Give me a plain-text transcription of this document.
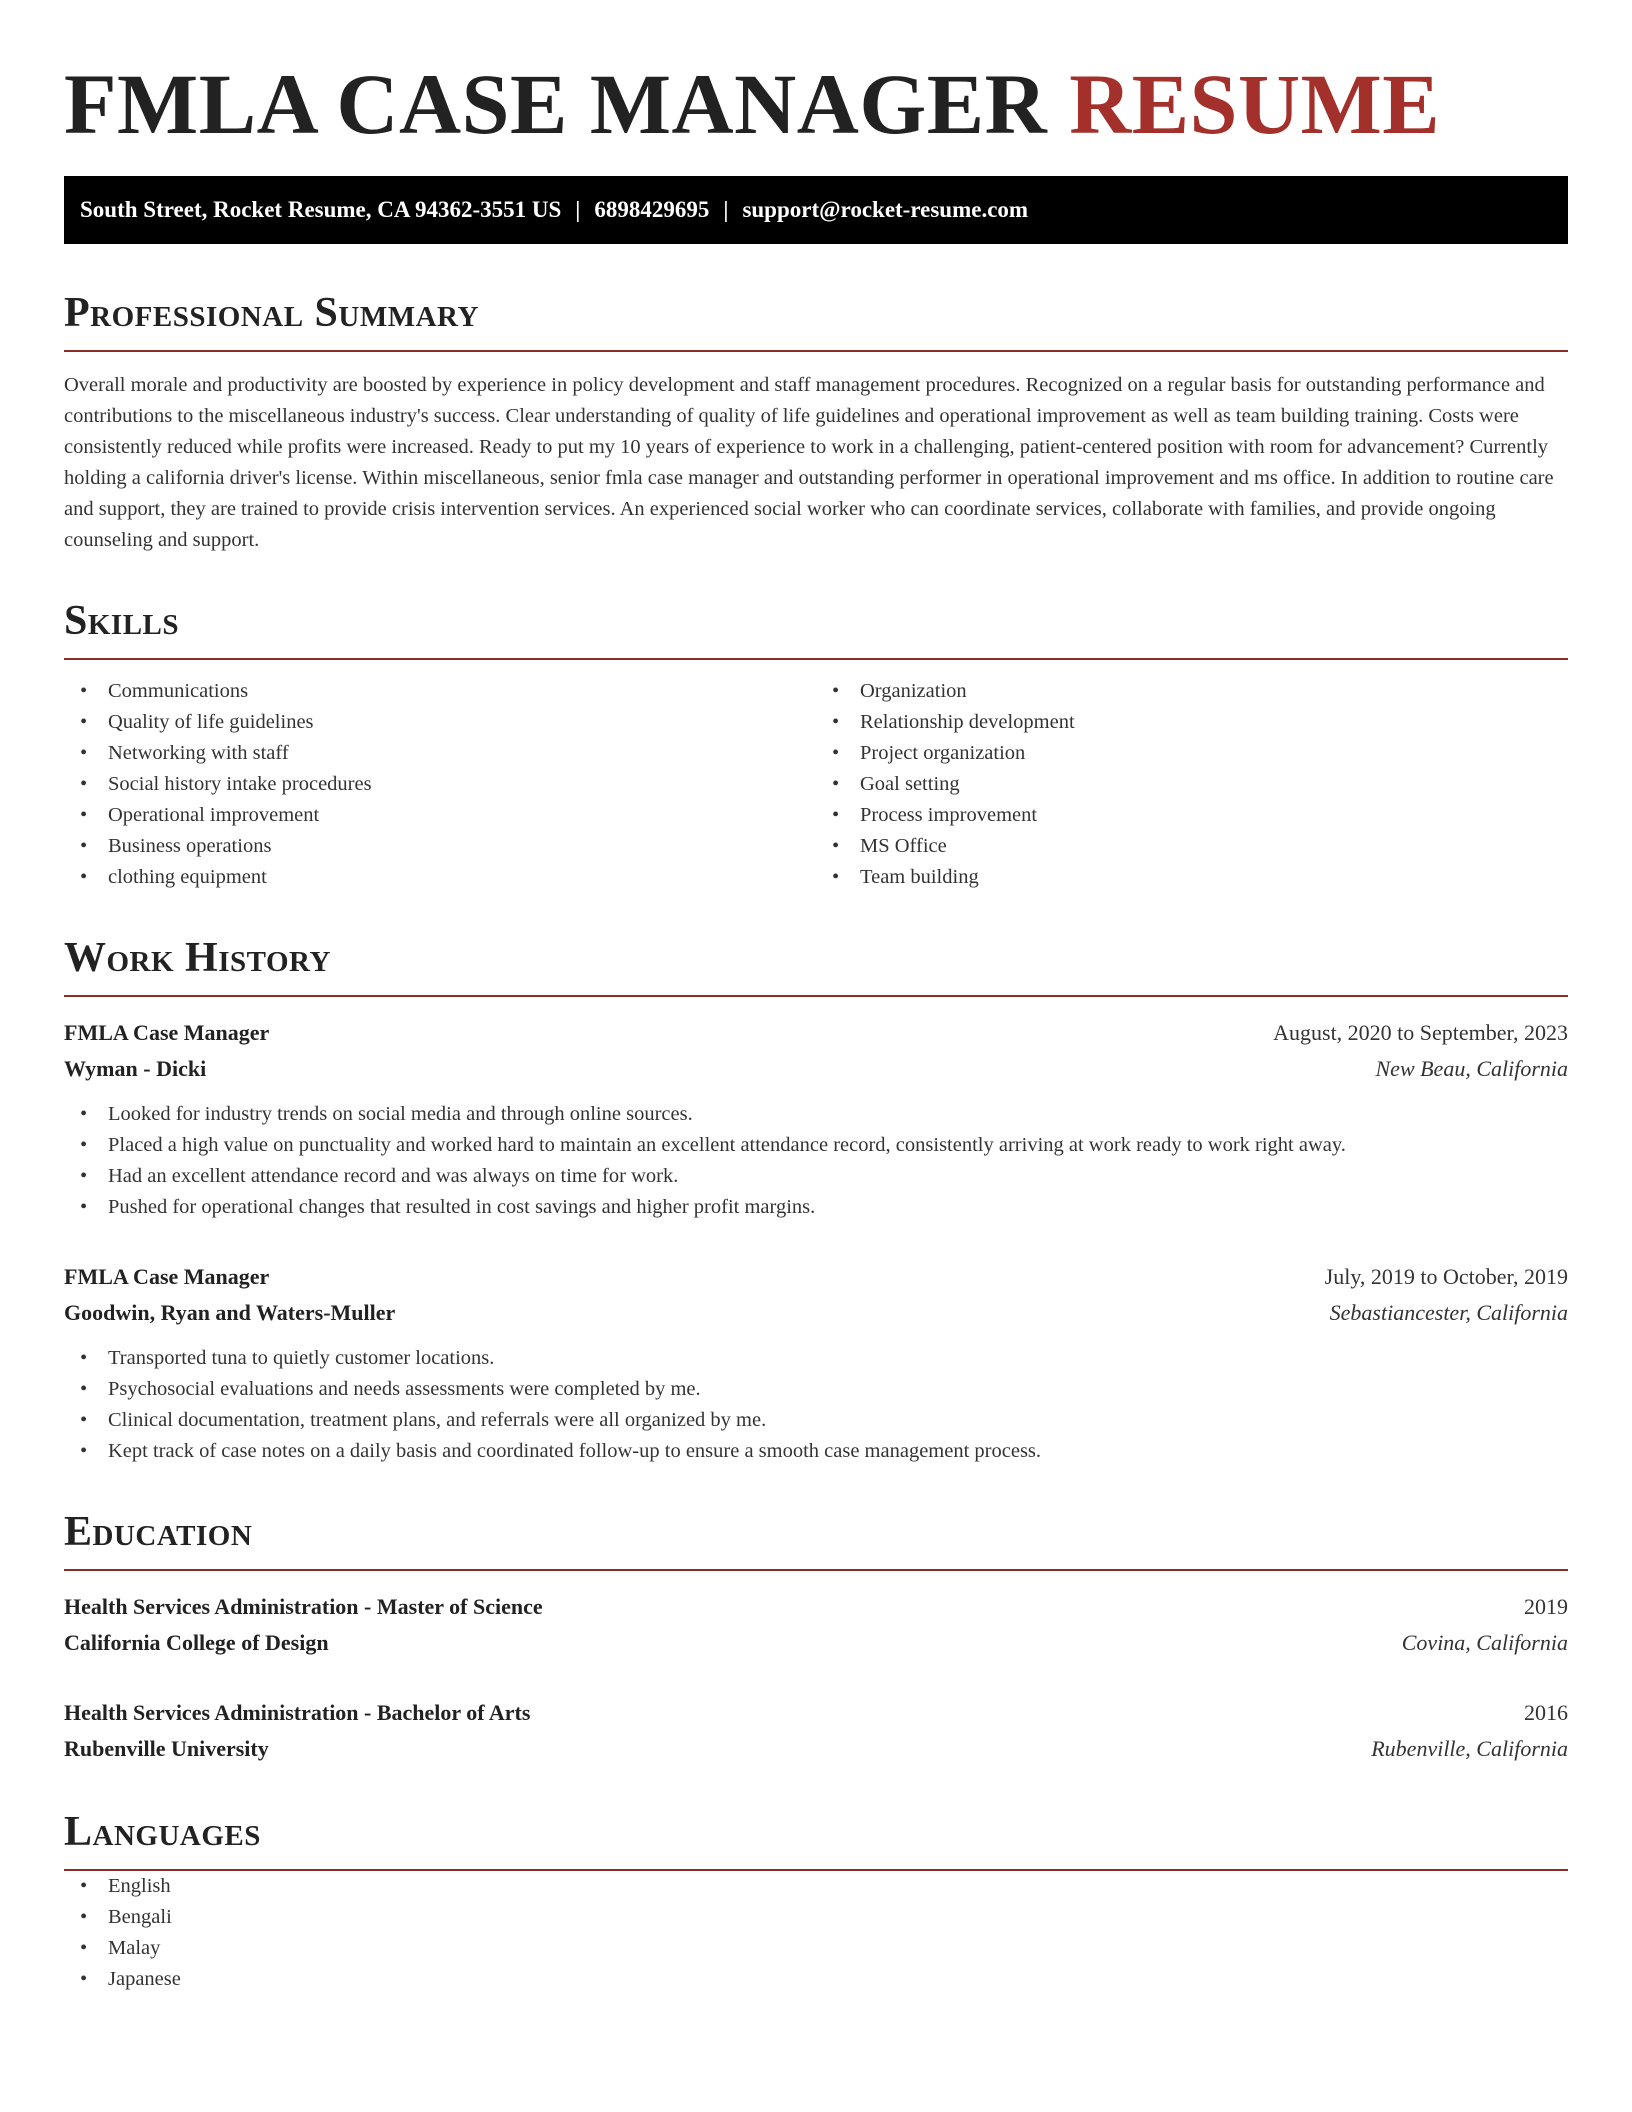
FMLA CASE MANAGER RESUME
South Street, Rocket Resume, CA 94362-3551 US | 6898429695 | support@rocket-resume.com
Professional Summary

Overall morale and productivity are boosted by experience in policy development and staff management procedures. Recognized on a regular basis for outstanding performance and contributions to the miscellaneous industry's success. Clear understanding of quality of life guidelines and operational improvement as well as team building training. Costs were consistently reduced while profits were increased. Ready to put my 10 years of experience to work in a challenging, patient-centered position with room for advancement? Currently holding a california driver's license. Within miscellaneous, senior fmla case manager and outstanding performer in operational improvement and ms office. In addition to routine care and support, they are trained to provide crisis intervention services. An experienced social worker who can coordinate services, collaborate with families, and provide ongoing counseling and support.

Skills
• Communications
• Quality of life guidelines
• Networking with staff
• Social history intake procedures
• Operational improvement
• Business operations
• clothing equipment
• Organization
• Relationship development
• Project organization
• Goal setting
• Process improvement
• MS Office
• Team building
Work History
FMLA Case Manager	August, 2020 to September, 2023
Wyman - Dicki	New Beau, California
• Looked for industry trends on social media and through online sources.
• Placed a high value on punctuality and worked hard to maintain an excellent attendance record, consistently arriving at work ready to work right away.
• Had an excellent attendance record and was always on time for work.
• Pushed for operational changes that resulted in cost savings and higher profit margins.
FMLA Case Manager	July, 2019 to October, 2019
Goodwin, Ryan and Waters-Muller	Sebastiancester, California
• Transported tuna to quietly customer locations.
• Psychosocial evaluations and needs assessments were completed by me.
• Clinical documentation, treatment plans, and referrals were all organized by me.
• Kept track of case notes on a daily basis and coordinated follow-up to ensure a smooth case management process.
Education
Health Services Administration - Master of Science	2019
California College of Design	Covina, California
Health Services Administration - Bachelor of Arts	2016
Rubenville University	Rubenville, California
Languages
• English
• Bengali
• Malay
• Japanese
